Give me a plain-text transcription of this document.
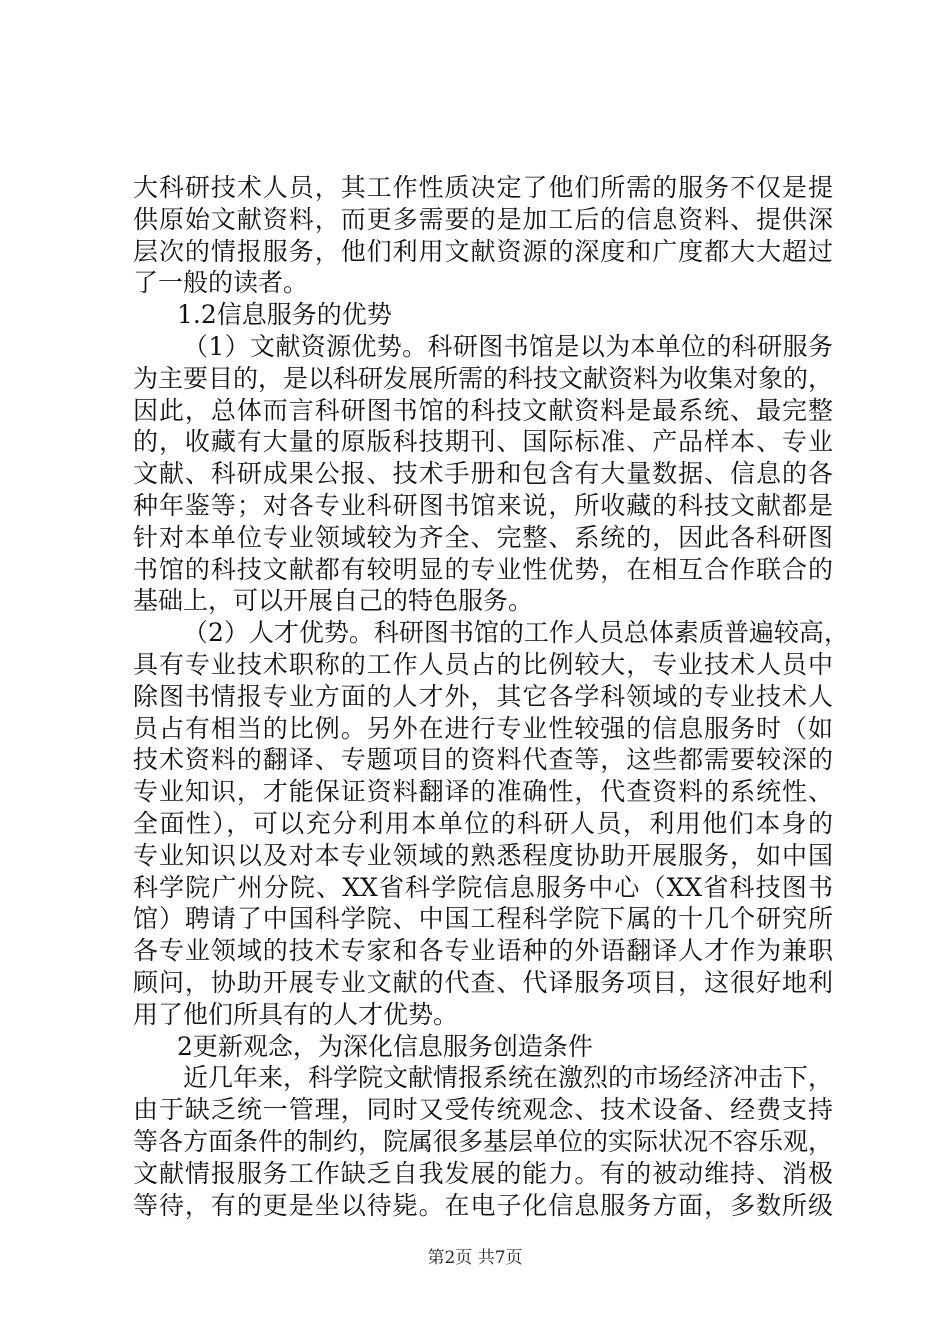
大科研技术人员，其工作性质决定了他们所需的服务不仅是提
供原始文献资料，而更多需要的是加工后的信息资料、提供深
层次的情报服务，他们利用文献资源的深度和广度都大大超过
了一般的读者。
1.2信息服务的优势
（1）文献资源优势。科研图书馆是以为本单位的科研服务
为主要目的，是以科研发展所需的科技文献资料为收集对象的，
因此，总体而言科研图书馆的科技文献资料是最系统、最完整
的，收藏有大量的原版科技期刊、国际标准、产品样本、专业
文献、科研成果公报、技术手册和包含有大量数据、信息的各
种年鉴等；对各专业科研图书馆来说，所收藏的科技文献都是
针对本单位专业领域较为齐全、完整、系统的，因此各科研图
书馆的科技文献都有较明显的专业性优势，在相互合作联合的
基础上，可以开展自己的特色服务。
（2）人才优势。科研图书馆的工作人员总体素质普遍较高，
具有专业技术职称的工作人员占的比例较大，专业技术人员中
除图书情报专业方面的人才外，其它各学科领域的专业技术人
员占有相当的比例。另外在进行专业性较强的信息服务时（如
技术资料的翻译、专题项目的资料代查等，这些都需要较深的
专业知识，才能保证资料翻译的准确性，代查资料的系统性、
全面性），可以充分利用本单位的科研人员，利用他们本身的
专业知识以及对本专业领域的熟悉程度协助开展服务，如中国
科学院广州分院、XX省科学院信息服务中心（XX省科技图书
馆）聘请了中国科学院、中国工程科学院下属的十几个研究所
各专业领域的技术专家和各专业语种的外语翻译人才作为兼职
顾问，协助开展专业文献的代查、代译服务项目，这很好地利
用了他们所具有的人才优势。
2更新观念，为深化信息服务创造条件
近几年来，科学院文献情报系统在激烈的市场经济冲击下，
由于缺乏统一管理，同时又受传统观念、技术设备、经费支持
等各方面条件的制约，院属很多基层单位的实际状况不容乐观，
文献情报服务工作缺乏自我发展的能力。有的被动维持、消极
等待，有的更是坐以待毙。在电子化信息服务方面，多数所级
第2页 共7页
